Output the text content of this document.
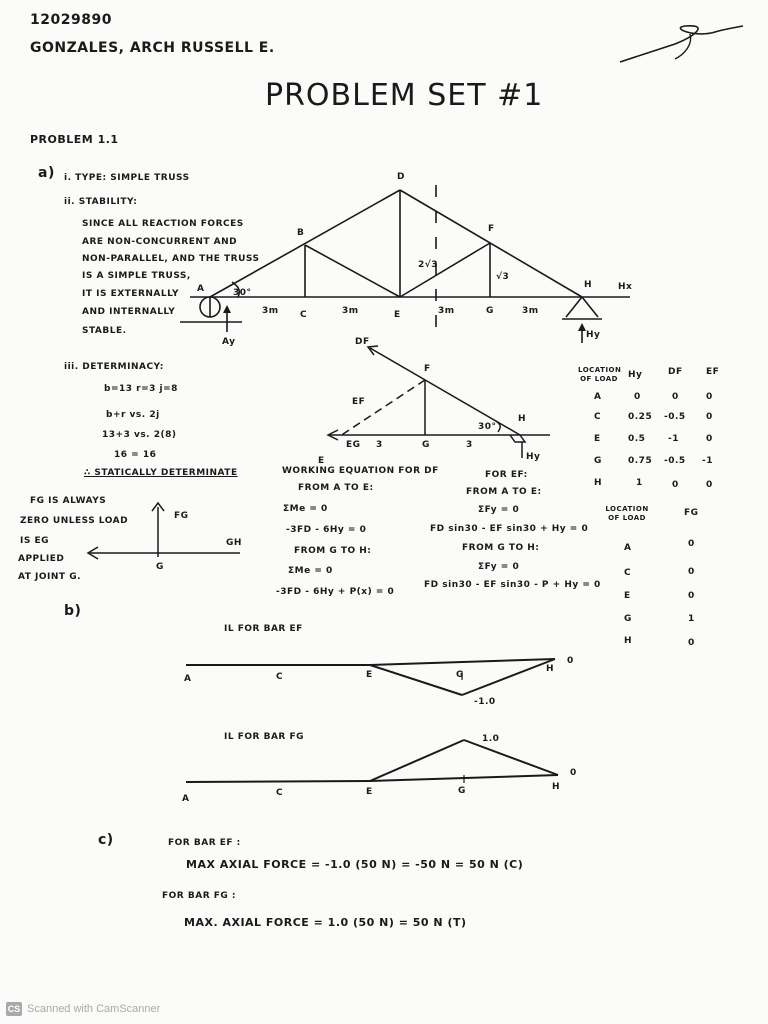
12029890
GONZALES, ARCH RUSSELL E.
PROBLEM SET #1
PROBLEM 1.1
a) i. TYPE: SIMPLE TRUSS
ii. STABILITY:
SINCE ALL REACTION FORCES
ARE NON-CONCURRENT AND
NON-PARALLEL, AND THE TRUSS
IS A SIMPLE TRUSS,
IT IS EXTERNALLY
AND INTERNALLY
STABLE.
iii. DETERMINACY:
b=13 r=3 j=8
b+r vs. 2j
13+3 vs. 2(8)
16 = 16
∴ STATICALLY DETERMINATE
FG IS ALWAYS
ZERO UNLESS LOAD
IS EG
APPLIED
AT JOINT G.
D
B	F
A
C	E	G
H
3m	3m	3m	3m
2√3
√3
30°
Ay
Hy
Hx
FG
GH
G
DF
EF
EG
F
H
E
G
3	3
30°
Hy
WORKING EQUATION FOR DF
FROM A TO E:
ΣMe = 0
-3FD - 6Hy = 0
FROM G TO H:
ΣMe = 0
-3FD - 6Hy + P(x) = 0
FOR EF:
FROM A TO E:
ΣFy = 0
FD sin30 - EF sin30 + Hy = 0
FROM G TO H:
ΣFy = 0
FD sin30 - EF sin30 - P + Hy = 0
LOCATION OF LOAD Hy	DF	EF
A	0	0	0
C	0.25 -0.5 0
E	0.5	-1	0
G	0.75 -0.5 -1
H	1	0	0
LOCATION OF LOAD	FG
A	0
C	0
E	0
G	1
H	0
b)
IL FOR BAR EF
A	C	E	G
H
-1.0
0
IL FOR BAR FG
A
C	E	G	H
1.0
0
c)	FOR BAR EF :
MAX AXIAL FORCE = -1.0 (50 N) = -50 N = 50 N (C)
FOR BAR FG :
MAX. AXIAL FORCE = 1.0 (50 N) = 50 N (T)
CS Scanned with CamScanner
